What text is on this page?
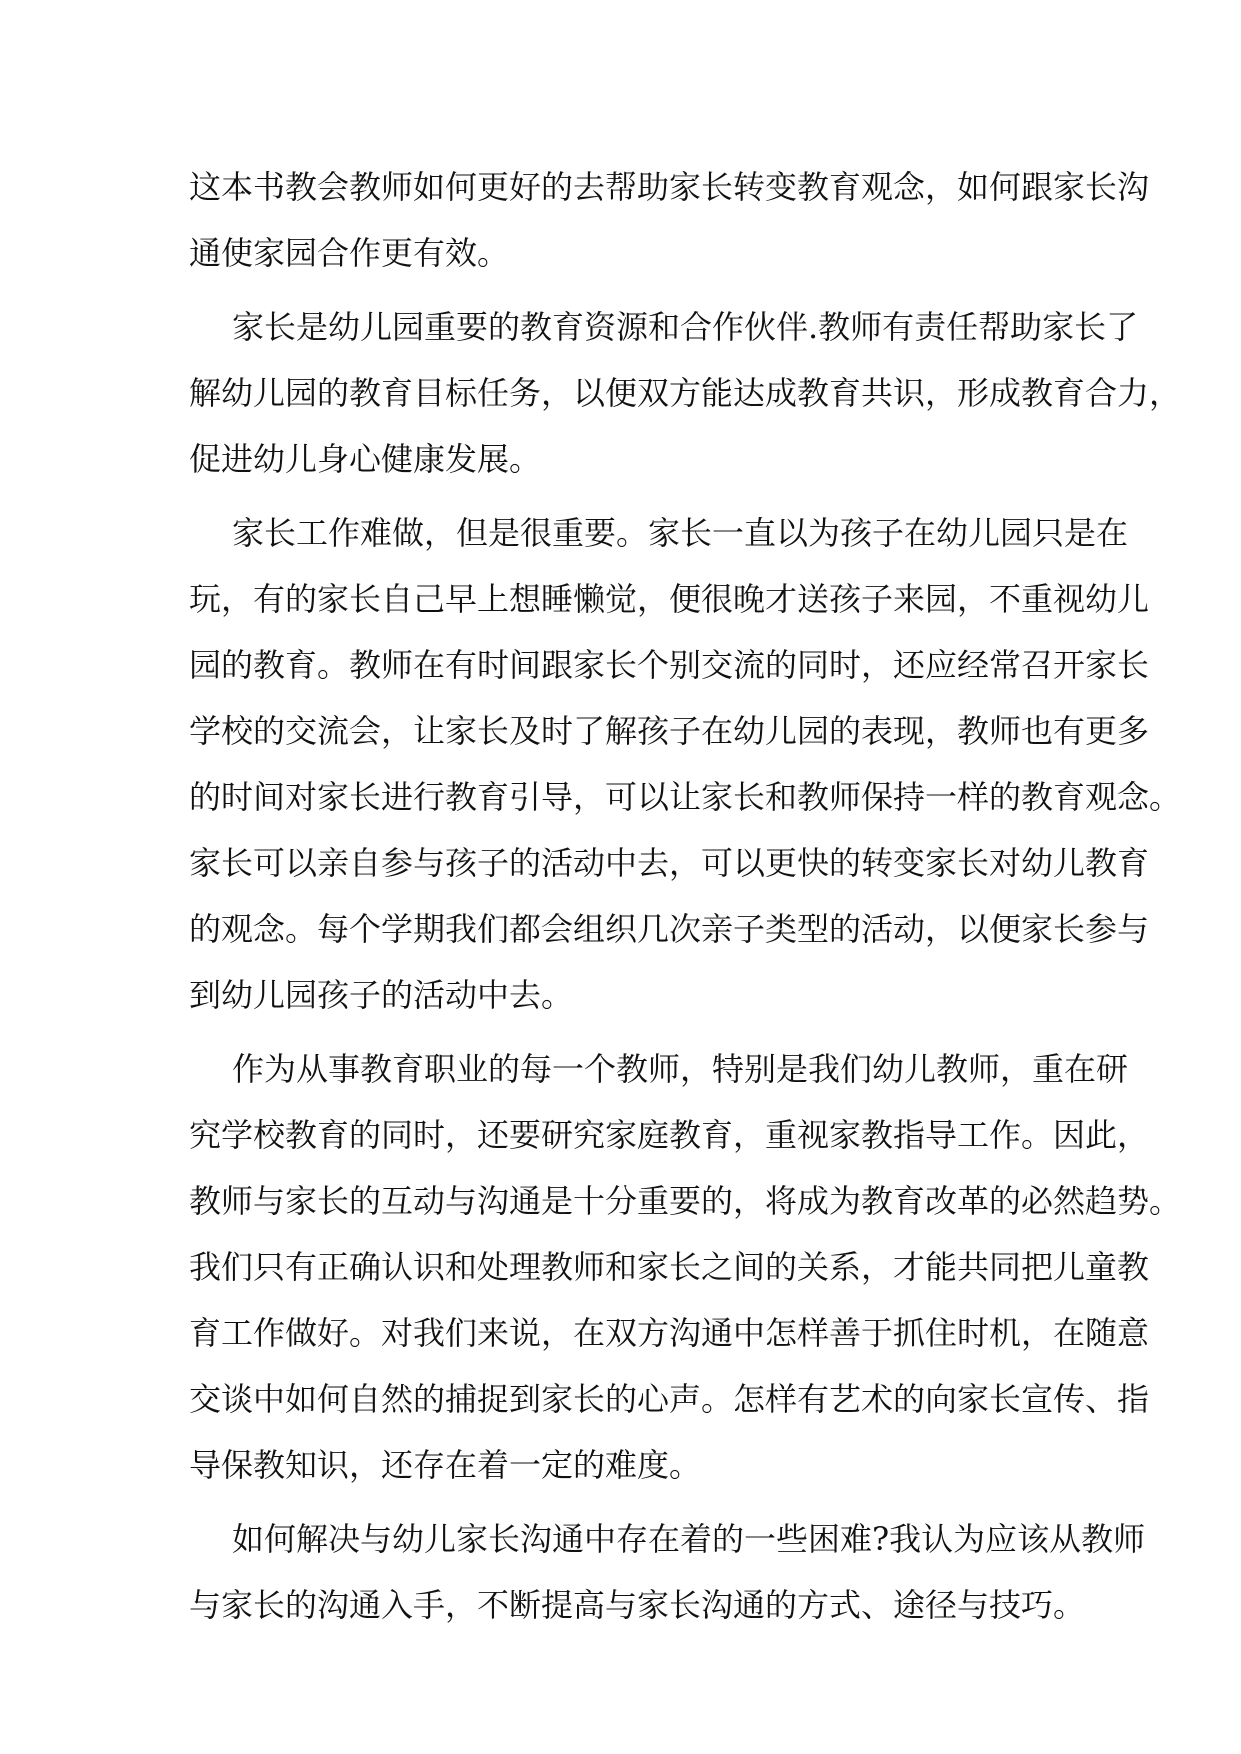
这本书教会教师如何更好的去帮助家长转变教育观念，如何跟家长沟
通使家园合作更有效。
家长是幼儿园重要的教育资源和合作伙伴.教师有责任帮助家长了
解幼儿园的教育目标任务，以便双方能达成教育共识，形成教育合力，
促进幼儿身心健康发展。
家长工作难做，但是很重要。家长一直以为孩子在幼儿园只是在
玩，有的家长自己早上想睡懒觉，便很晚才送孩子来园，不重视幼儿
园的教育。教师在有时间跟家长个别交流的同时，还应经常召开家长
学校的交流会，让家长及时了解孩子在幼儿园的表现，教师也有更多
的时间对家长进行教育引导，可以让家长和教师保持一样的教育观念。
家长可以亲自参与孩子的活动中去，可以更快的转变家长对幼儿教育
的观念。每个学期我们都会组织几次亲子类型的活动，以便家长参与
到幼儿园孩子的活动中去。
作为从事教育职业的每一个教师，特别是我们幼儿教师，重在研
究学校教育的同时，还要研究家庭教育，重视家教指导工作。因此，
教师与家长的互动与沟通是十分重要的，将成为教育改革的必然趋势。
我们只有正确认识和处理教师和家长之间的关系，才能共同把儿童教
育工作做好。对我们来说，在双方沟通中怎样善于抓住时机，在随意
交谈中如何自然的捕捉到家长的心声。怎样有艺术的向家长宣传、指
导保教知识，还存在着一定的难度。
如何解决与幼儿家长沟通中存在着的一些困难?我认为应该从教师
与家长的沟通入手，不断提高与家长沟通的方式、途径与技巧。
